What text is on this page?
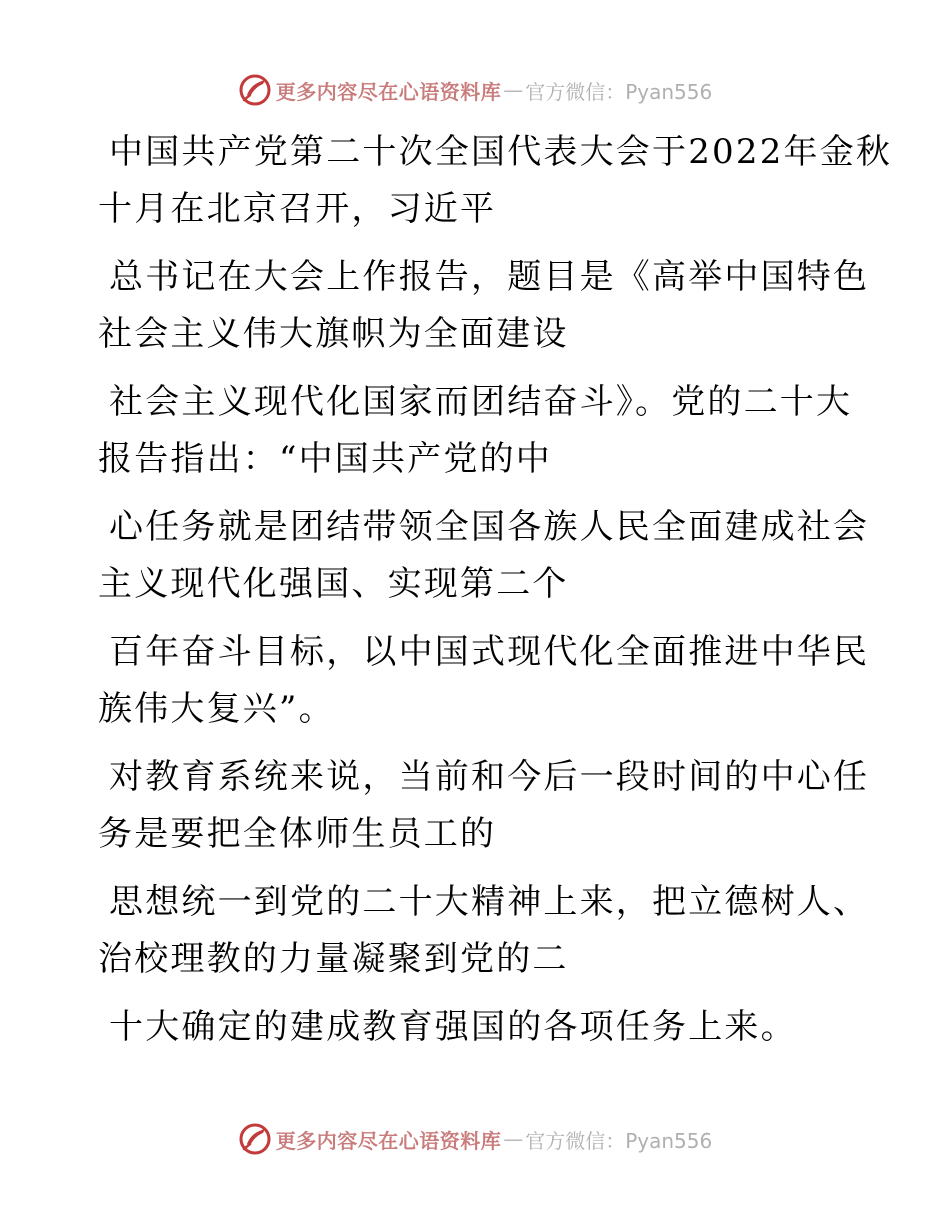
更多内容尽在心语资料库 — 官方微信：Pyan556
中国共产党第二十次全国代表大会于2022年金秋
十月在北京召开，习近平
总书记在大会上作报告，题目是《高举中国特色
社会主义伟大旗帜为全面建设
社会主义现代化国家而团结奋斗》。党的二十大
报告指出：“中国共产党的中
心任务就是团结带领全国各族人民全面建成社会
主义现代化强国、实现第二个
百年奋斗目标，以中国式现代化全面推进中华民
族伟大复兴”。
对教育系统来说，当前和今后一段时间的中心任
务是要把全体师生员工的
思想统一到党的二十大精神上来，把立德树人、
治校理教的力量凝聚到党的二
十大确定的建成教育强国的各项任务上来。
更多内容尽在心语资料库 — 官方微信：Pyan556
